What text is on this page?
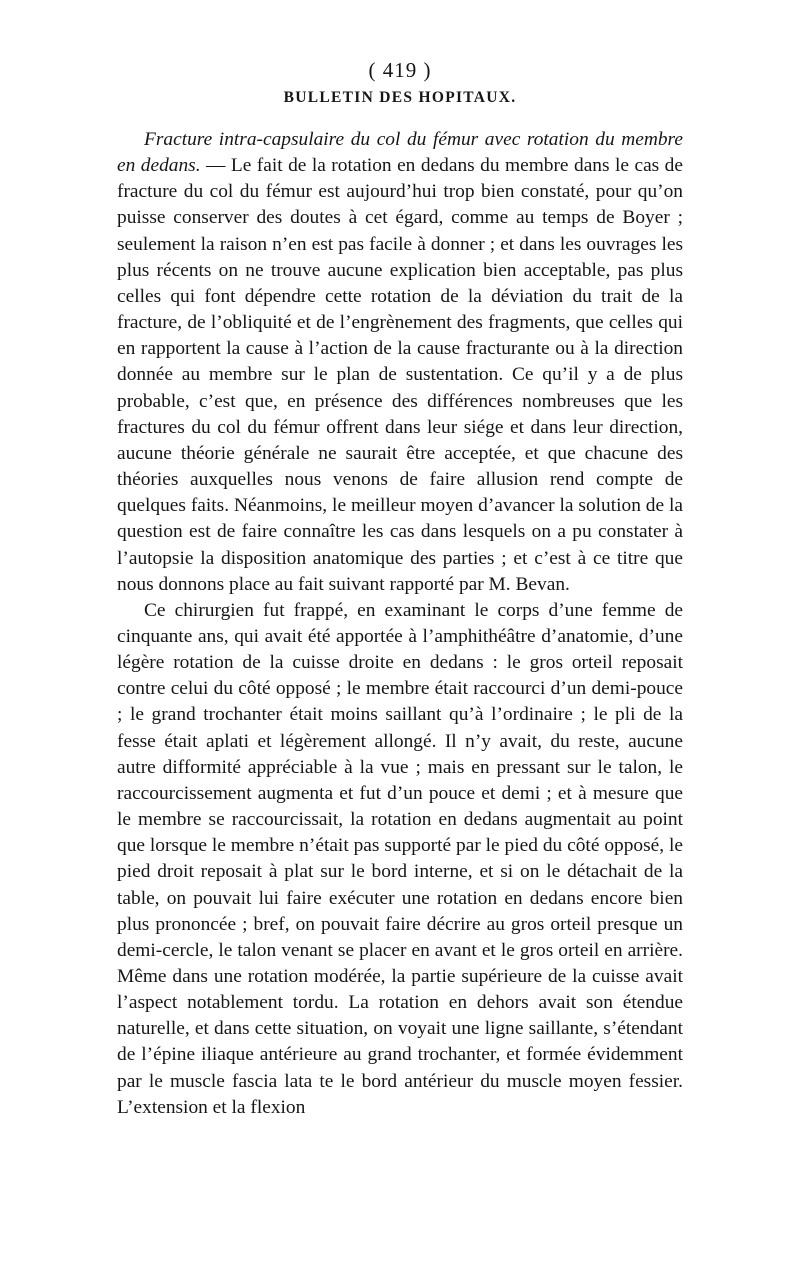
( 419 )
BULLETIN DES HOPITAUX.

Fracture intra-capsulaire du col du fémur avec rotation du membre en dedans. — Le fait de la rotation en dedans du membre dans le cas de fracture du col du fémur est aujourd’hui trop bien constaté, pour qu’on puisse conserver des doutes à cet égard, comme au temps de Boyer ; seulement la raison n’en est pas facile à donner ; et dans les ouvrages les plus récents on ne trouve aucune explication bien acceptable, pas plus celles qui font dépendre cette rotation de la déviation du trait de la fracture, de l’obliquité et de l’engrènement des fragments, que celles qui en rapportent la cause à l’action de la cause fracturante ou à la direction donnée au membre sur le plan de sustentation. Ce qu’il y a de plus probable, c’est que, en présence des différences nombreuses que les fractures du col du fémur offrent dans leur siége et dans leur direction, aucune théorie générale ne saurait être acceptée, et que chacune des théories auxquelles nous venons de faire allusion rend compte de quelques faits. Néanmoins, le meilleur moyen d’avancer la solution de la question est de faire connaître les cas dans lesquels on a pu constater à l’autopsie la disposition anatomique des parties ; et c’est à ce titre que nous donnons place au fait suivant rapporté par M. Bevan.

Ce chirurgien fut frappé, en examinant le corps d’une femme de cinquante ans, qui avait été apportée à l’amphithéâtre d’anatomie, d’une légère rotation de la cuisse droite en dedans : le gros orteil reposait contre celui du côté opposé ; le membre était raccourci d’un demi-pouce ; le grand trochanter était moins saillant qu’à l’ordinaire ; le pli de la fesse était aplati et légèrement allongé. Il n’y avait, du reste, aucune autre difformité appréciable à la vue ; mais en pressant sur le talon, le raccourcissement augmenta et fut d’un pouce et demi ; et à mesure que le membre se raccourcissait, la rotation en dedans augmentait au point que lorsque le membre n’était pas supporté par le pied du côté opposé, le pied droit reposait à plat sur le bord interne, et si on le détachait de la table, on pouvait lui faire exécuter une rotation en dedans encore bien plus prononcée ; bref, on pouvait faire décrire au gros orteil presque un demi-cercle, le talon venant se placer en avant et le gros orteil en arrière. Même dans une rotation modérée, la partie supérieure de la cuisse avait l’aspect notablement tordu. La rotation en dehors avait son étendue naturelle, et dans cette situation, on voyait une ligne saillante, s’étendant de l’épine iliaque antérieure au grand trochanter, et formée évidemment par le muscle fascia lata te le bord antérieur du muscle moyen fessier. L’extension et la flexion
